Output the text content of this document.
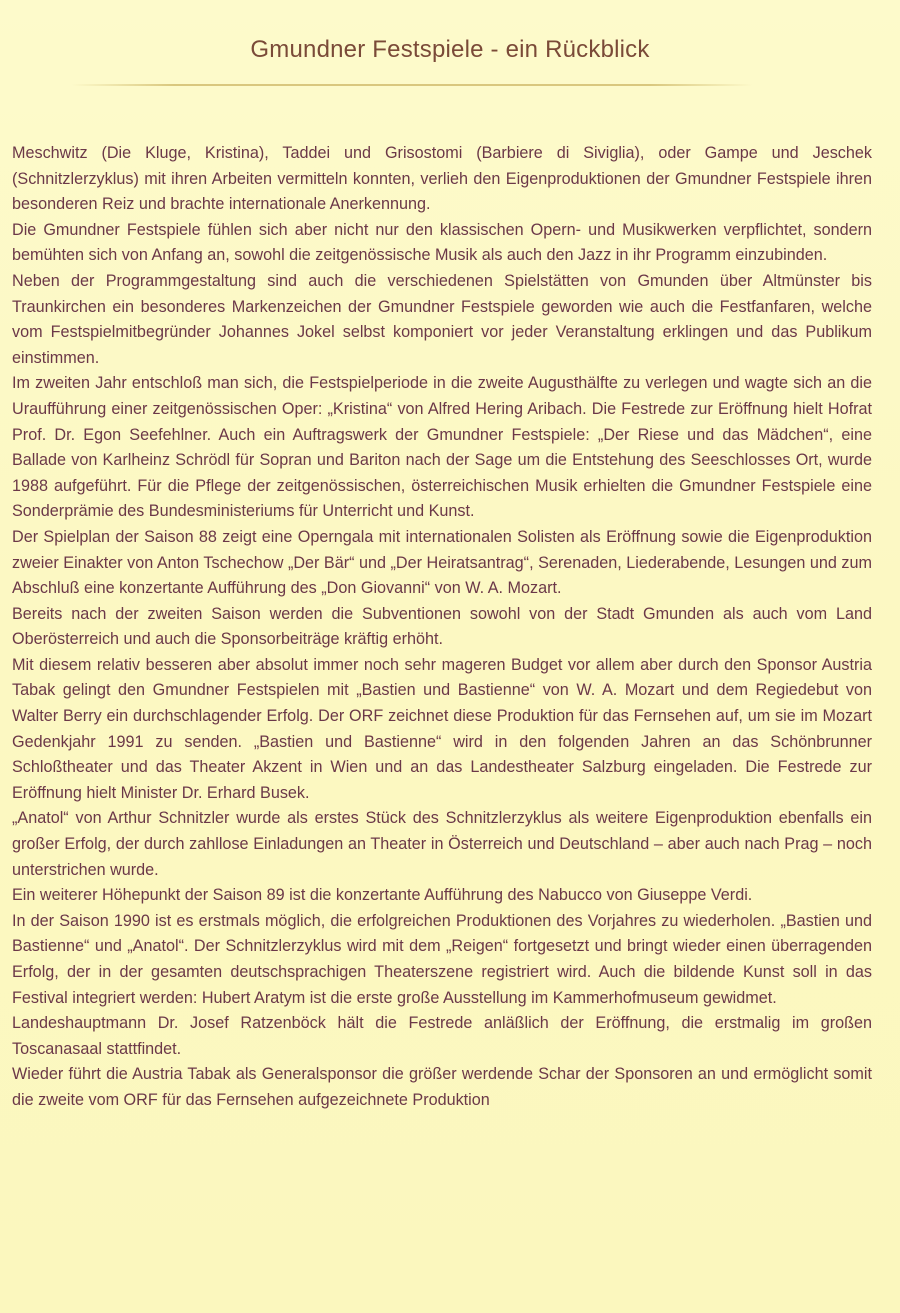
Gmundner Festspiele - ein Rückblick

Meschwitz (Die Kluge, Kristina), Taddei und Grisostomi (Barbiere di Siviglia), oder Gampe und Jeschek (Schnitzlerzyklus) mit ihren Arbeiten vermitteln konnten, verlieh den Eigenproduktionen der Gmundner Festspiele ihren besonderen Reiz und brachte internationale Anerkennung.

Die Gmundner Festspiele fühlen sich aber nicht nur den klassischen Opern- und Musikwerken verpflichtet, sondern bemühten sich von Anfang an, sowohl die zeitgenössische Musik als auch den Jazz in ihr Programm einzubinden.

Neben der Programmgestaltung sind auch die verschiedenen Spielstätten von Gmunden über Altmünster bis Traunkirchen ein besonderes Markenzeichen der Gmundner Festspiele geworden wie auch die Festfanfaren, welche vom Festspielmitbegründer Johannes Jokel selbst komponiert vor jeder Veranstaltung erklingen und das Publikum einstimmen.

Im zweiten Jahr entschloß man sich, die Festspielperiode in die zweite Augusthälfte zu verlegen und wagte sich an die Uraufführung einer zeitgenössischen Oper: „Kristina“ von Alfred Hering Aribach. Die Festrede zur Eröffnung hielt Hofrat Prof. Dr. Egon Seefehlner. Auch ein Auftragswerk der Gmundner Festspiele: „Der Riese und das Mädchen“, eine Ballade von Karlheinz Schrödl für Sopran und Bariton nach der Sage um die Entstehung des Seeschlosses Ort, wurde 1988 aufgeführt. Für die Pflege der zeitgenössischen, österreichischen Musik erhielten die Gmundner Festspiele eine Sonderprämie des Bundesministeriums für Unterricht und Kunst.

Der Spielplan der Saison 88 zeigt eine Operngala mit internationalen Solisten als Eröffnung sowie die Eigenproduktion zweier Einakter von Anton Tschechow „Der Bär“ und „Der Heiratsantrag“, Serenaden, Liederabende, Lesungen und zum Abschluß eine konzertante Aufführung des „Don Giovanni“ von W. A. Mozart.

Bereits nach der zweiten Saison werden die Subventionen sowohl von der Stadt Gmunden als auch vom Land Oberösterreich und auch die Sponsorbeiträge kräftig erhöht.

Mit diesem relativ besseren aber absolut immer noch sehr mageren Budget vor allem aber durch den Sponsor Austria Tabak gelingt den Gmundner Festspielen mit „Bastien und Bastienne“ von W. A. Mozart und dem Regiedebut von Walter Berry ein durchschlagender Erfolg. Der ORF zeichnet diese Produktion für das Fernsehen auf, um sie im Mozart Gedenkjahr 1991 zu senden. „Bastien und Bastienne“ wird in den folgenden Jahren an das Schönbrunner Schloßtheater und das Theater Akzent in Wien und an das Landestheater Salzburg eingeladen. Die Festrede zur Eröffnung hielt Minister Dr. Erhard Busek.

„Anatol“ von Arthur Schnitzler wurde als erstes Stück des Schnitzlerzyklus als weitere Eigenproduktion ebenfalls ein großer Erfolg, der durch zahllose Einladungen an Theater in Österreich und Deutschland – aber auch nach Prag – noch unterstrichen wurde.

Ein weiterer Höhepunkt der Saison 89 ist die konzertante Aufführung des Nabucco von Giuseppe Verdi.

In der Saison 1990 ist es erstmals möglich, die erfolgreichen Produktionen des Vorjahres zu wiederholen. „Bastien und Bastienne“ und „Anatol“. Der Schnitzlerzyklus wird mit dem „Reigen“ fortgesetzt und bringt wieder einen überragenden Erfolg, der in der gesamten deutschsprachigen Theaterszene registriert wird. Auch die bildende Kunst soll in das Festival integriert werden: Hubert Aratym ist die erste große Ausstellung im Kammerhofmuseum gewidmet.

Landeshauptmann Dr. Josef Ratzenböck hält die Festrede anläßlich der Eröffnung, die erstmalig im großen Toscanasaal stattfindet.

Wieder führt die Austria Tabak als Generalsponsor die größer werdende Schar der Sponsoren an und ermöglicht somit die zweite vom ORF für das Fernsehen aufgezeichnete Produktion
